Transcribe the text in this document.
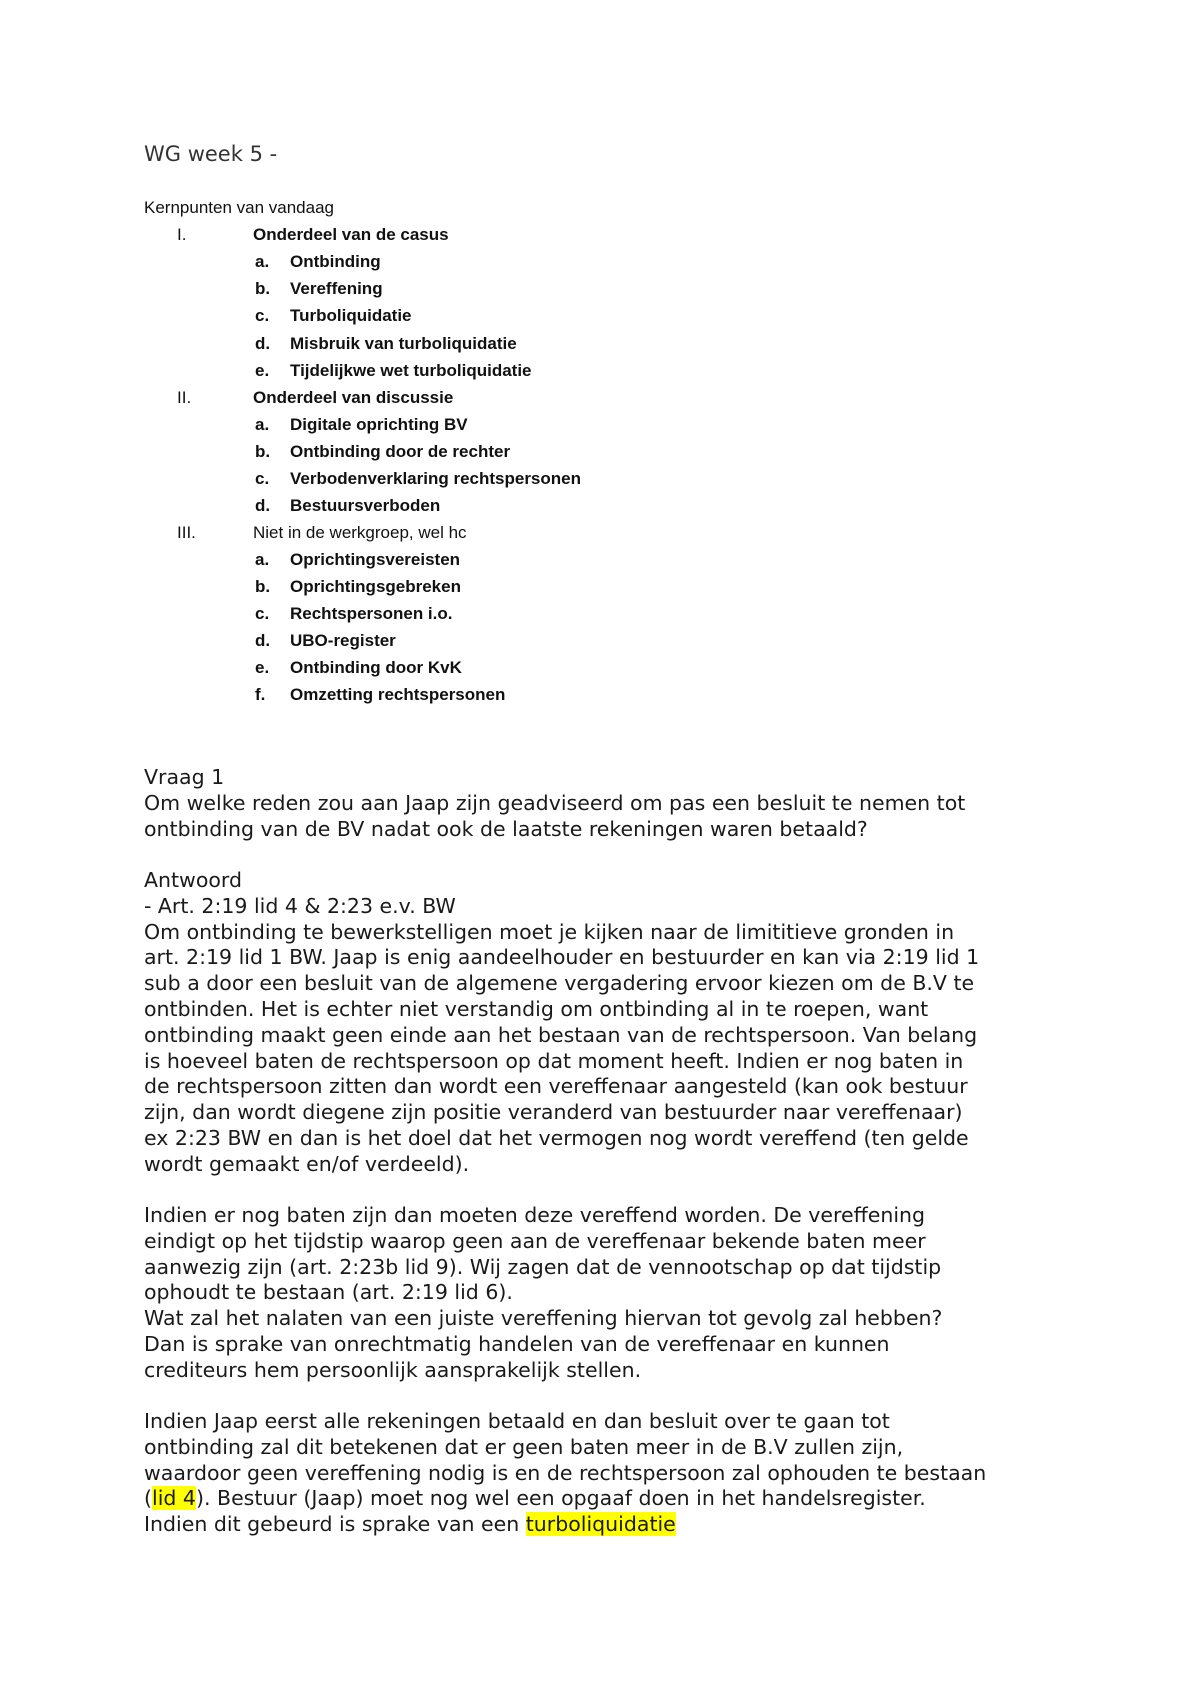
WG week 5 -
Kernpunten van vandaag
I.	Onderdeel van de casus
a. Ontbinding
b. Vereffening
c. Turboliquidatie
d. Misbruik van turboliquidatie
e. Tijdelijkwe wet turboliquidatie
II.	Onderdeel van discussie
a. Digitale oprichting BV
b. Ontbinding door de rechter
c. Verbodenverklaring rechtspersonen
d. Bestuursverboden
III.	Niet in de werkgroep, wel hc
a. Oprichtingsvereisten
b. Oprichtingsgebreken
c. Rechtspersonen i.o.
d. UBO-register
e. Ontbinding door KvK
f. Omzetting rechtspersonen

Vraag 1

Om welke reden zou aan Jaap zijn geadviseerd om pas een besluit te nemen tot

ontbinding van de BV nadat ook de laatste rekeningen waren betaald?

Antwoord

- Art. 2:19 lid 4 & 2:23 e.v. BW

Om ontbinding te bewerkstelligen moet je kijken naar de limititieve gronden in

art. 2:19 lid 1 BW. Jaap is enig aandeelhouder en bestuurder en kan via 2:19 lid 1

sub a door een besluit van de algemene vergadering ervoor kiezen om de B.V te

ontbinden. Het is echter niet verstandig om ontbinding al in te roepen, want

ontbinding maakt geen einde aan het bestaan van de rechtspersoon. Van belang

is hoeveel baten de rechtspersoon op dat moment heeft. Indien er nog baten in

de rechtspersoon zitten dan wordt een vereffenaar aangesteld (kan ook bestuur

zijn, dan wordt diegene zijn positie veranderd van bestuurder naar vereffenaar)

ex 2:23 BW en dan is het doel dat het vermogen nog wordt vereffend (ten gelde

wordt gemaakt en/of verdeeld).

Indien er nog baten zijn dan moeten deze vereffend worden. De vereffening

eindigt op het tijdstip waarop geen aan de vereffenaar bekende baten meer

aanwezig zijn (art. 2:23b lid 9). Wij zagen dat de vennootschap op dat tijdstip

ophoudt te bestaan (art. 2:19 lid 6).

Wat zal het nalaten van een juiste vereffening hiervan tot gevolg zal hebben?

Dan is sprake van onrechtmatig handelen van de vereffenaar en kunnen

crediteurs hem persoonlijk aansprakelijk stellen.

Indien Jaap eerst alle rekeningen betaald en dan besluit over te gaan tot

ontbinding zal dit betekenen dat er geen baten meer in de B.V zullen zijn,

waardoor geen vereffening nodig is en de rechtspersoon zal ophouden te bestaan

(lid 4). Bestuur (Jaap) moet nog wel een opgaaf doen in het handelsregister.

Indien dit gebeurd is sprake van een turboliquidatie
